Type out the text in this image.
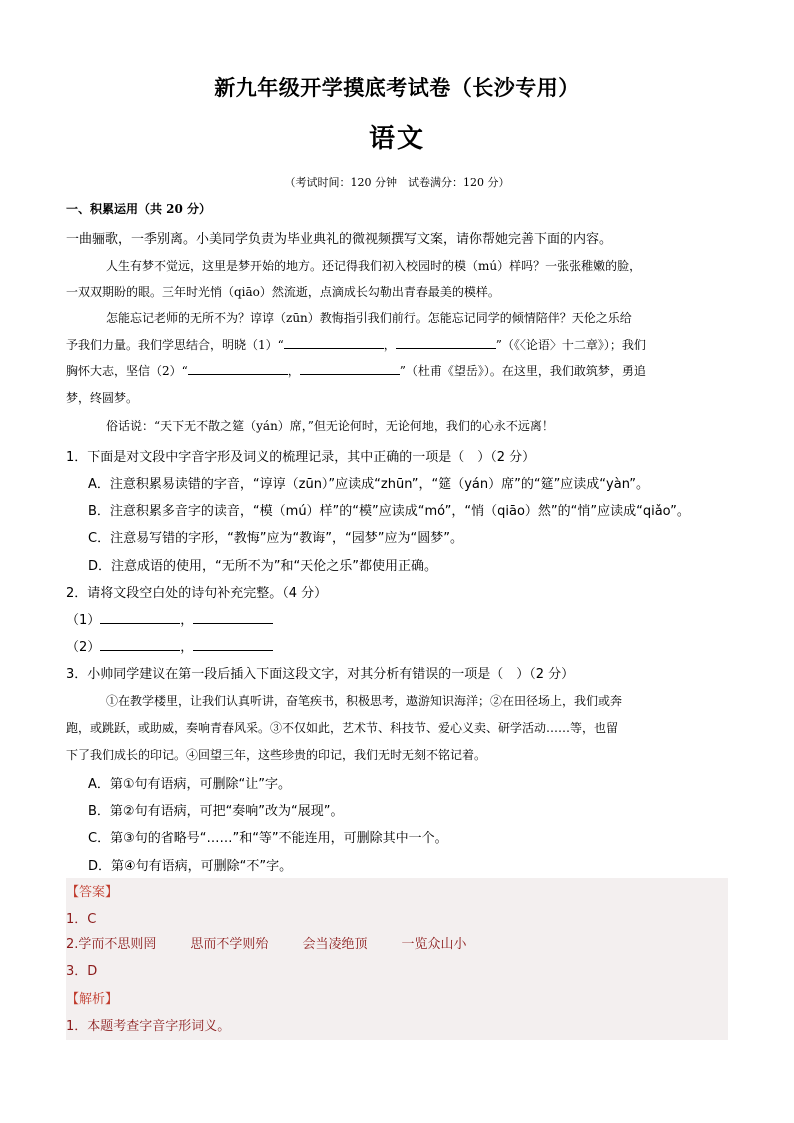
新九年级开学摸底考试卷（长沙专用）
语文
（考试时间：120 分钟　试卷满分：120 分）
一、积累运用（共 20 分）
一曲骊歌，一季别离。小美同学负责为毕业典礼的微视频撰写文案，请你帮她完善下面的内容。
人生有梦不觉远，这里是梦开始的地方。还记得我们初入校园时的模（mú）样吗？一张张稚嫩的脸，
一双双期盼的眼。三年时光悄（qiāo）然流逝，点滴成长勾勒出青春最美的模样。
怎能忘记老师的无所不为？谆谆（zūn）教悔指引我们前行。怎能忘记同学的倾情陪伴？天伦之乐给
予我们力量。我们学思结合，明晓（1）“	，	”（《〈论语〉十二章》）；我们
胸怀大志，坚信（2）“	，	”（杜甫《望岳》）。在这里，我们敢筑梦，勇追
梦，终圆梦。
俗话说：“天下无不散之筵（yán）席，”但无论何时，无论何地，我们的心永不远离！
1．下面是对文段中字音字形及词义的梳理记录，其中正确的一项是（　）（2 分）
A．注意积累易读错的字音，“谆谆（zūn）”应读成“zhūn”，“筵（yán）席”的“筵”应读成“yàn”。
B．注意积累多音字的读音，“模（mú）样”的“模”应读成“mó”，“悄（qiāo）然”的“悄”应读成“qiǎo”。
C．注意易写错的字形，“教悔”应为“教诲”，“园梦”应为“圆梦”。
D．注意成语的使用，“无所不为”和“天伦之乐”都使用正确。
2．请将文段空白处的诗句补充完整。（4 分）
（1）	，
（2）	，
3．小帅同学建议在第一段后插入下面这段文字，对其分析有错误的一项是（　）（2 分）
①在教学楼里，让我们认真听讲，奋笔疾书，积极思考，遨游知识海洋；②在田径场上，我们或奔
跑，或跳跃，或助威，奏响青春风采。③不仅如此，艺术节、科技节、爱心义卖、研学活动……等，也留
下了我们成长的印记。④回望三年，这些珍贵的印记，我们无时无刻不铭记着。
A．第①句有语病，可删除“让”字。
B．第②句有语病，可把“奏响”改为“展现”。
C．第③句的省略号“……”和“等”不能连用，可删除其中一个。
D．第④句有语病，可删除“不”字。
【答案】
1．C
2.学而不思则罔	思而不学则殆	会当凌绝顶	一览众山小
3．D
【解析】
1．本题考查字音字形词义。
